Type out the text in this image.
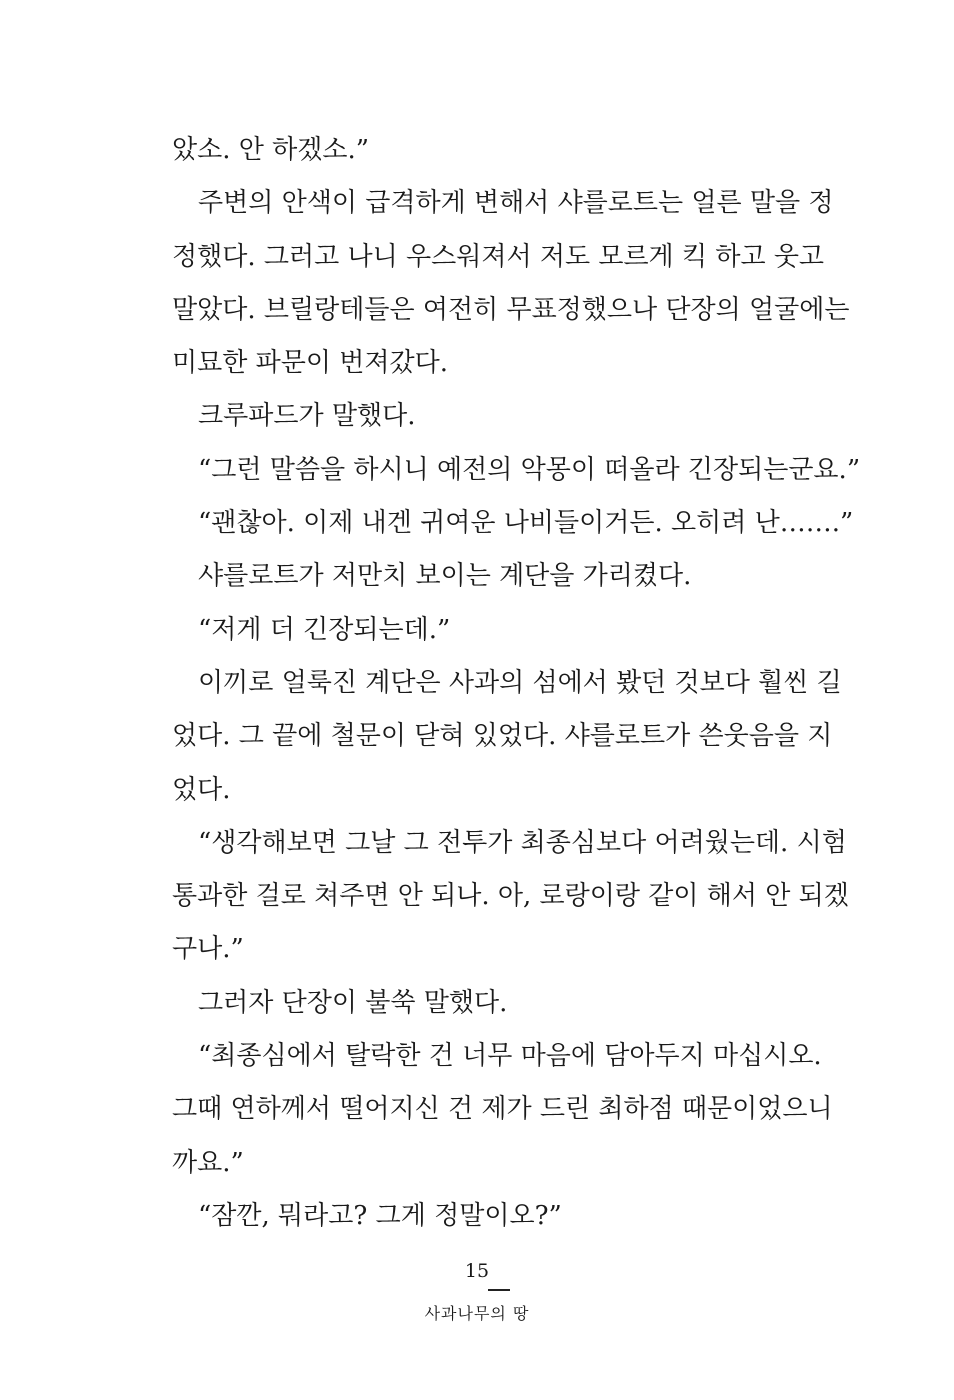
았소. 안 하겠소.”
주변의 안색이 급격하게 변해서 샤를로트는 얼른 말을 정
정했다. 그러고 나니 우스워져서 저도 모르게 킥 하고 웃고
말았다. 브릴랑테들은 여전히 무표정했으나 단장의 얼굴에는
미묘한 파문이 번져갔다.
크루파드가 말했다.
“그런 말씀을 하시니 예전의 악몽이 떠올라 긴장되는군요.”
“괜찮아. 이제 내겐 귀여운 나비들이거든. 오히려 난…….”
샤를로트가 저만치 보이는 계단을 가리켰다.
“저게 더 긴장되는데.”
이끼로 얼룩진 계단은 사과의 섬에서 봤던 것보다 훨씬 길
었다. 그 끝에 철문이 닫혀 있었다. 샤를로트가 쓴웃음을 지
었다.
“생각해보면 그날 그 전투가 최종심보다 어려웠는데. 시험
통과한 걸로 쳐주면 안 되나. 아, 로랑이랑 같이 해서 안 되겠
구나.”
그러자 단장이 불쑥 말했다.
“최종심에서 탈락한 건 너무 마음에 담아두지 마십시오.
그때 연하께서 떨어지신 건 제가 드린 최하점 때문이었으니
까요.”
“잠깐, 뭐라고? 그게 정말이오?”
15
사과나무의 땅
